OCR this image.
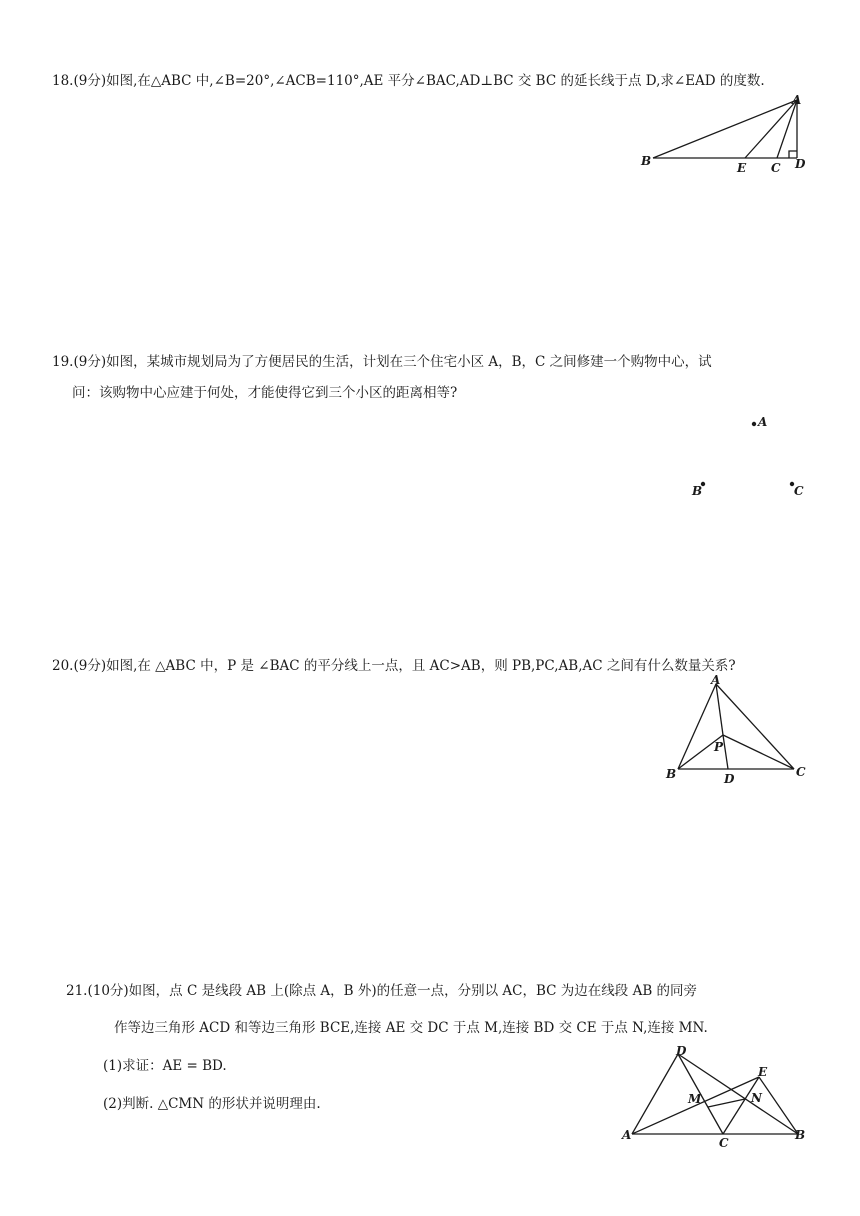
18.(9分)如图,在△ABC 中,∠B=20°,∠ACB=110°,AE 平分∠BAC,AD⊥BC 交 BC 的延长线于点 D,求∠EAD 的度数.
A
B	E C D
19.(9分)如图，某城市规划局为了方便居民的生活，计划在三个住宅小区 A，B，C 之间修建一个购物中心，试
问：该购物中心应建于何处，才能使得它到三个小区的距离相等?
A
B	C
20.(9分)如图,在 △ABC 中，P 是 ∠BAC 的平分线上一点，且 AC>AB，则 PB,PC,AB,AC 之间有什么数量关系?
A
P
B	D	C
21.(10分)如图，点 C 是线段 AB 上(除点 A，B 外)的任意一点，分别以 AC，BC 为边在线段 AB 的同旁
作等边三角形 ACD 和等边三角形 BCE,连接 AE 交 DC 于点 M,连接 BD 交 CE 于点 N,连接 MN.
(1)求证：AE = BD.
(2)判断. △CMN 的形状并说明理由.
D
E
M	N
A
C
B
